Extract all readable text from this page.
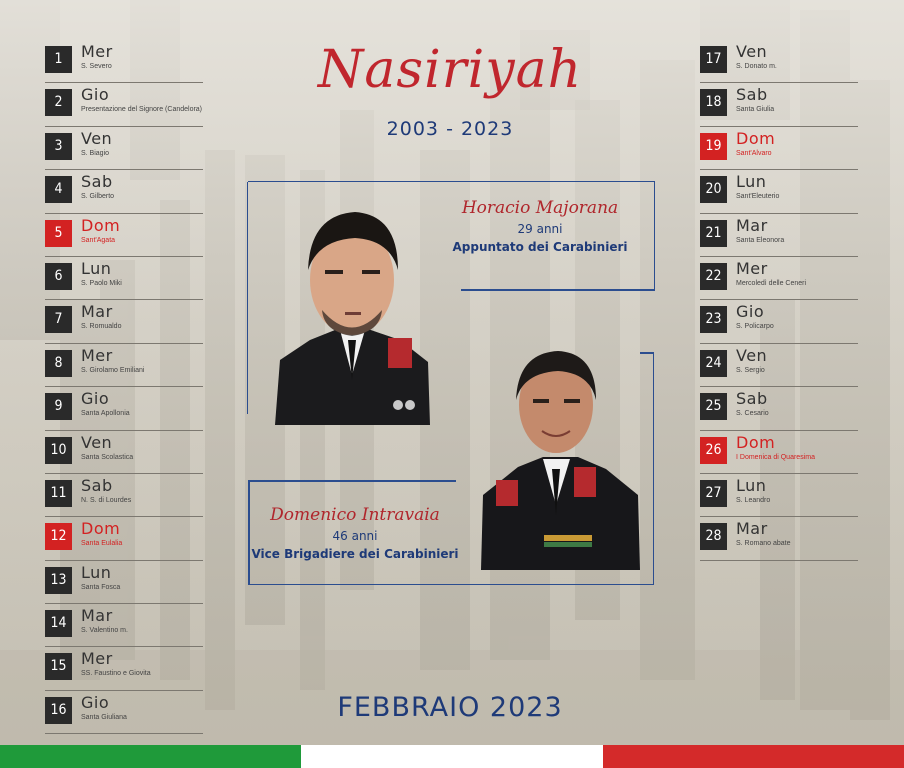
1	Mer
S. Severo
2	Gio
Presentazione del Signore (Candelora)
3	Ven
S. Biagio
4	Sab
S. Gilberto
5	Dom
Sant'Agata
6	Lun
S. Paolo Miki
7	Mar
S. Romualdo
8	Mer
S. Girolamo Emiliani
9	Gio
Santa Apollonia
10 Ven
Santa Scolastica
11 Sab
N. S. di Lourdes
12 Dom
Santa Eulalia
13 Lun
Santa Fosca
14 Mar
S. Valentino m.
15 Mer
SS. Faustino e Giovita
16 Gio
Santa Giuliana
17 Ven
S. Donato m.
18 Sab
Santa Giulia
19 Dom
Sant'Alvaro
20 Lun
Sant'Eleuterio
21 Mar
Santa Eleonora
22 Mer
Mercoledì delle Ceneri
23 Gio
S. Policarpo
24 Ven
S. Sergio
25 Sab
S. Cesario
26 Dom
I Domenica di Quaresima
27 Lun
S. Leandro
28 Mar
S. Romano abate
Nasiriyah
2003 - 2023
Horacio Majorana
29 anni
Appuntato dei Carabinieri
Domenico Intravaia
46 anni
Vice Brigadiere dei Carabinieri
FEBBRAIO 2023
